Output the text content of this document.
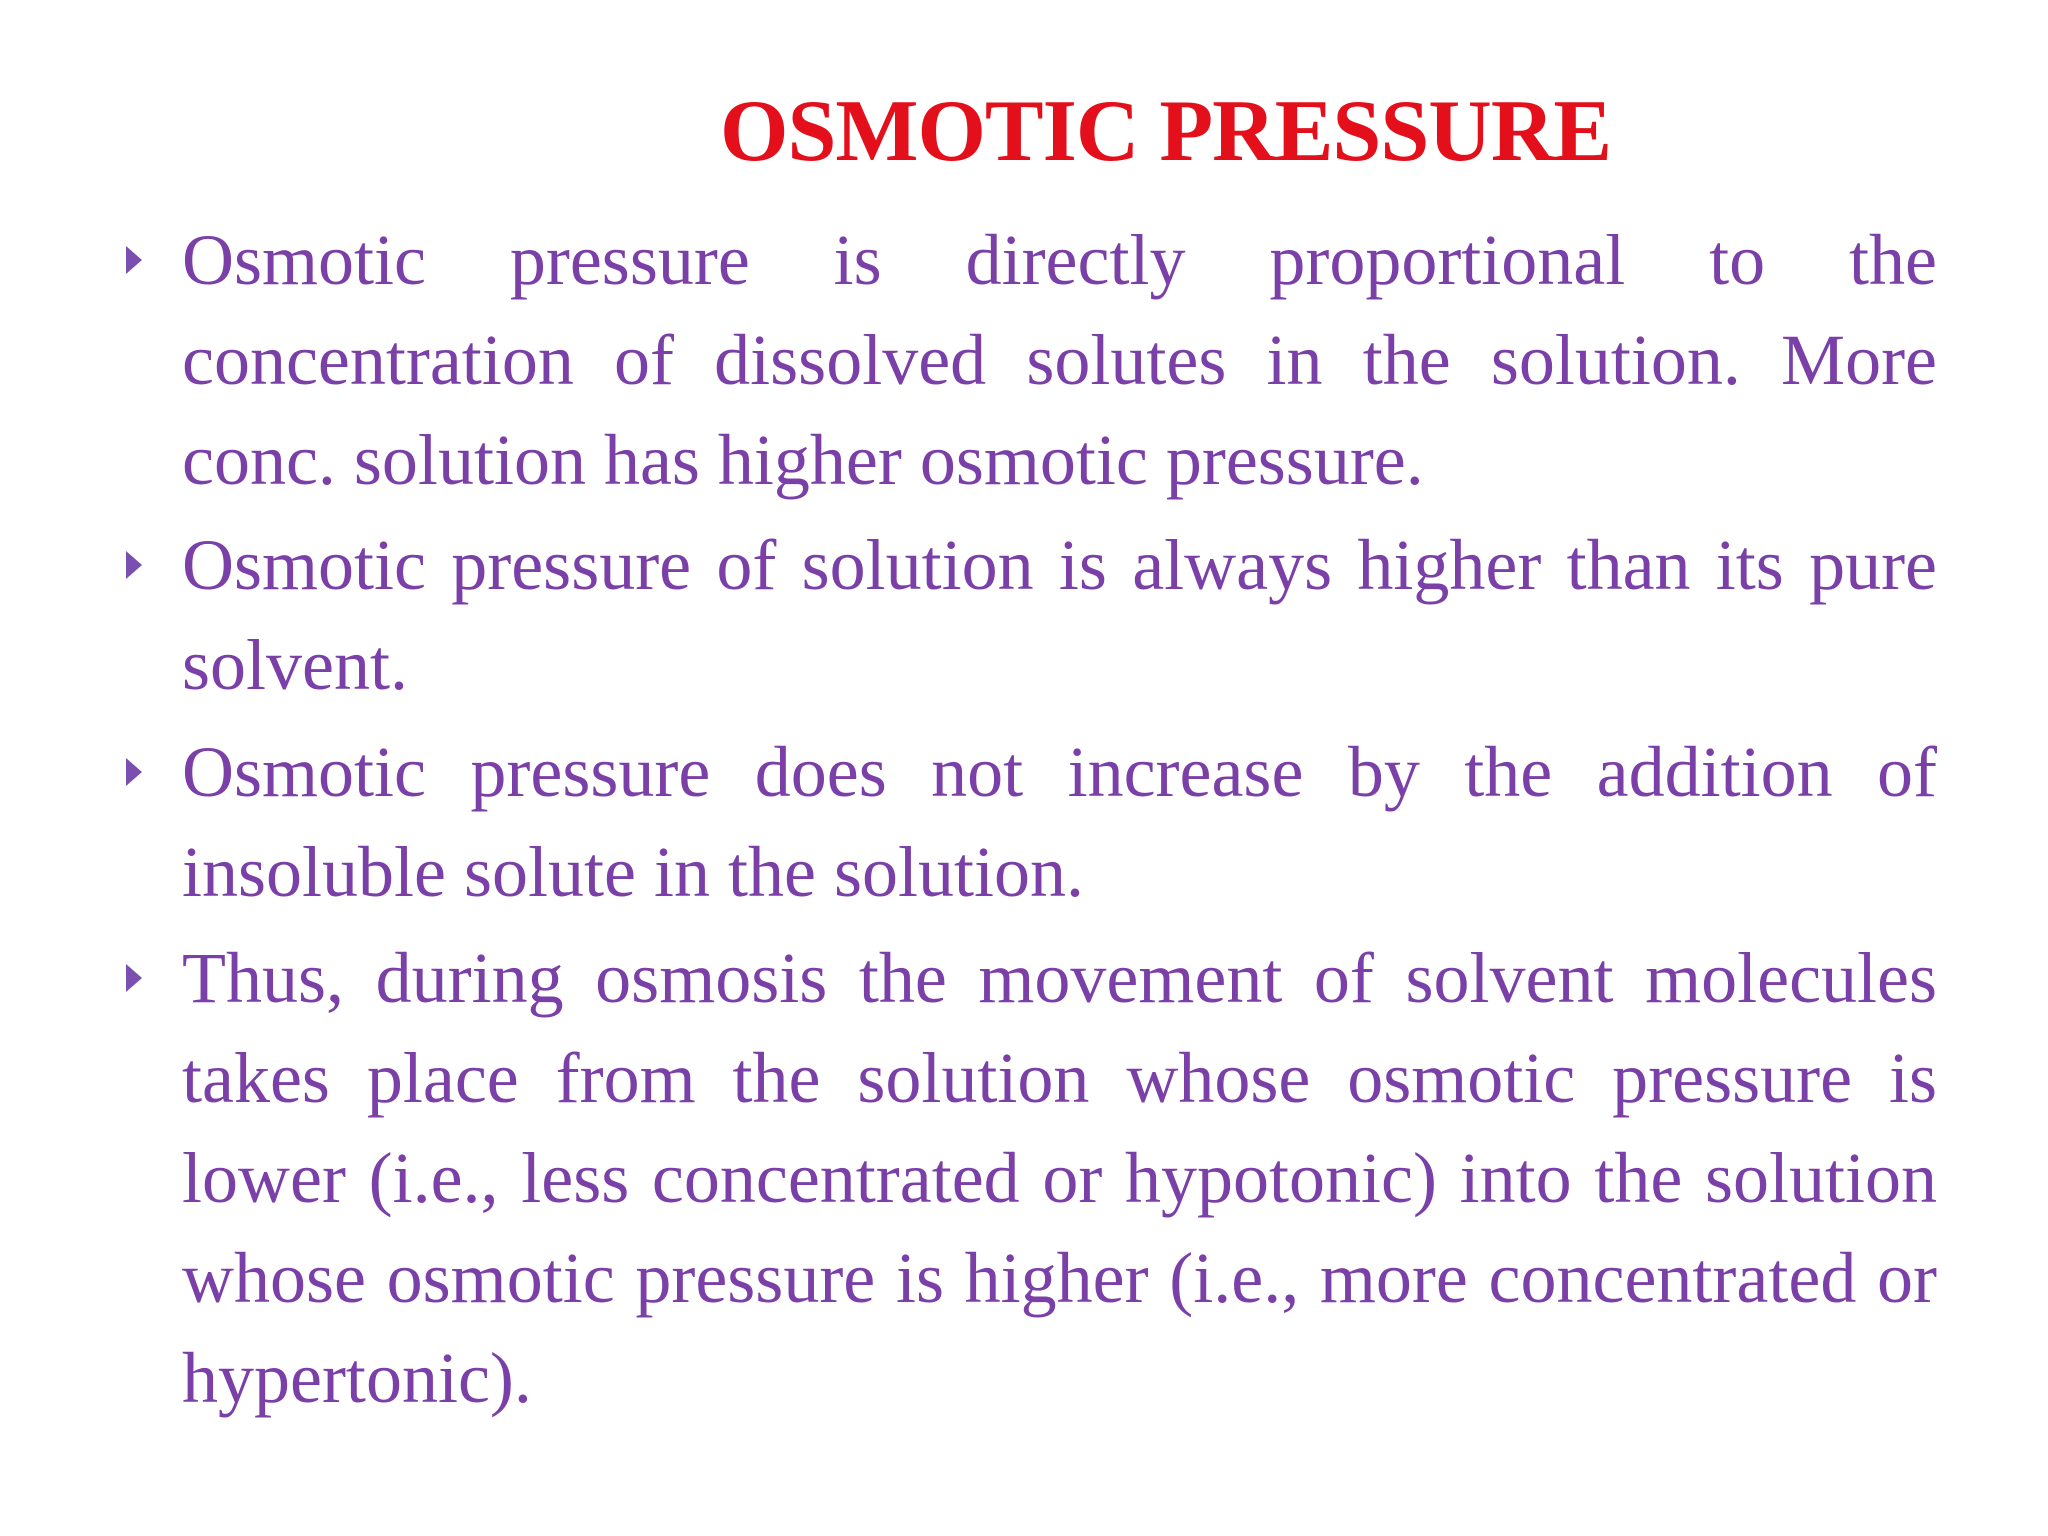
OSMOTIC PRESSURE

Osmotic pressure is directly proportional to the concentration of dissolved solutes in the solution. More conc. solution has higher osmotic pressure.

Osmotic pressure of solution is always higher than its pure solvent.

Osmotic pressure does not increase by the addition of insoluble solute in the solution.

Thus, during osmosis the movement of solvent molecules takes place from the solution whose osmotic pressure is lower (i.e., less concentrated or hypotonic) into the solution whose osmotic pressure is higher (i.e., more concentrated or hypertonic).
